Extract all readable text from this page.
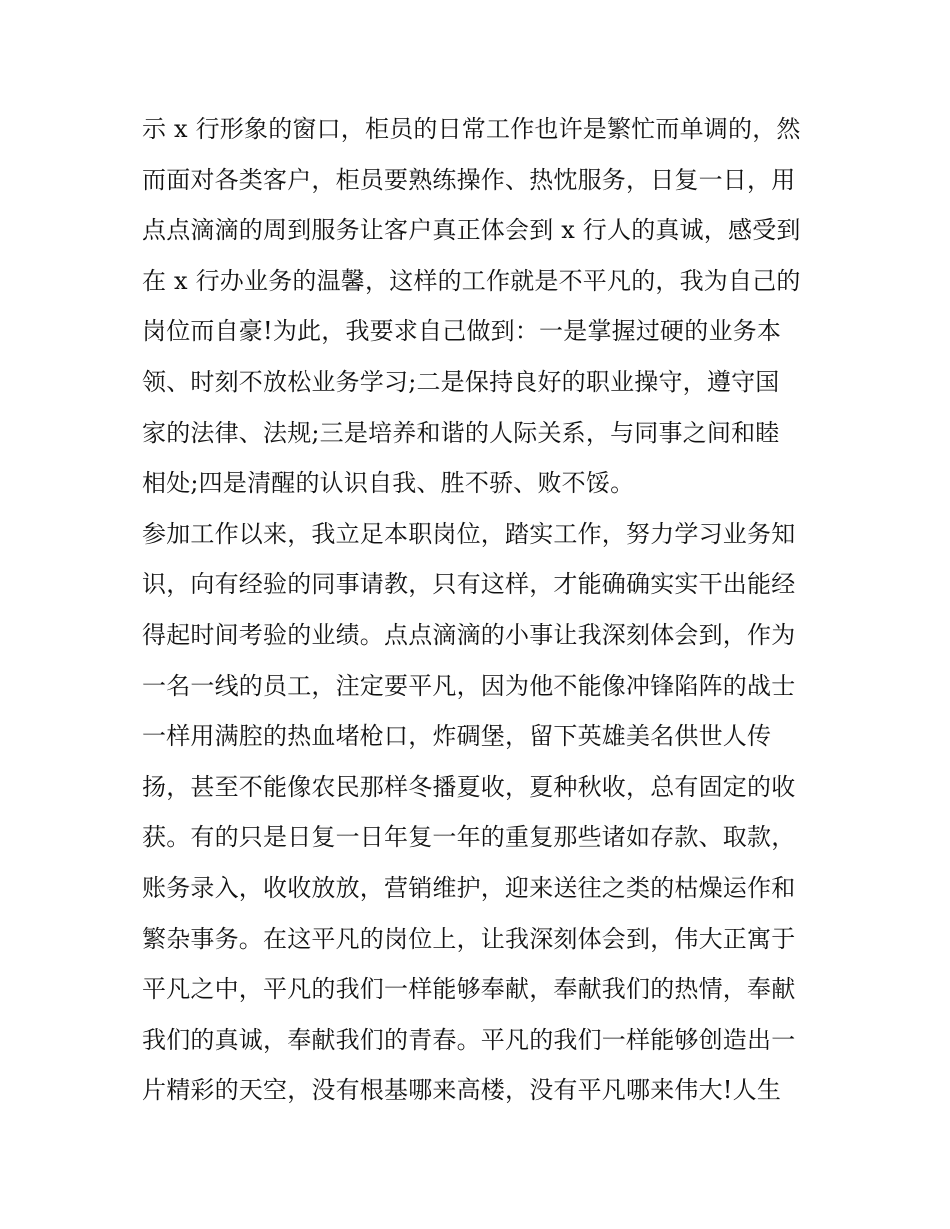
示 x 行形象的窗口，柜员的日常工作也许是繁忙而单调的，然
而面对各类客户，柜员要熟练操作、热忱服务，日复一日，用
点点滴滴的周到服务让客户真正体会到 x 行人的真诚，感受到
在 x 行办业务的温馨，这样的工作就是不平凡的，我为自己的
岗位而自豪!为此，我要求自己做到：一是掌握过硬的业务本
领、时刻不放松业务学习;二是保持良好的职业操守，遵守国
家的法律、法规;三是培养和谐的人际关系，与同事之间和睦
相处;四是清醒的认识自我、胜不骄、败不馁。
参加工作以来，我立足本职岗位，踏实工作，努力学习业务知
识，向有经验的同事请教，只有这样，才能确确实实干出能经
得起时间考验的业绩。点点滴滴的小事让我深刻体会到，作为
一名一线的员工，注定要平凡，因为他不能像冲锋陷阵的战士
一样用满腔的热血堵枪口，炸碉堡，留下英雄美名供世人传
扬，甚至不能像农民那样冬播夏收，夏种秋收，总有固定的收
获。有的只是日复一日年复一年的重复那些诸如存款、取款，
账务录入，收收放放，营销维护，迎来送往之类的枯燥运作和
繁杂事务。在这平凡的岗位上，让我深刻体会到，伟大正寓于
平凡之中，平凡的我们一样能够奉献，奉献我们的热情，奉献
我们的真诚，奉献我们的青春。平凡的我们一样能够创造出一
片精彩的天空，没有根基哪来高楼，没有平凡哪来伟大!人生
